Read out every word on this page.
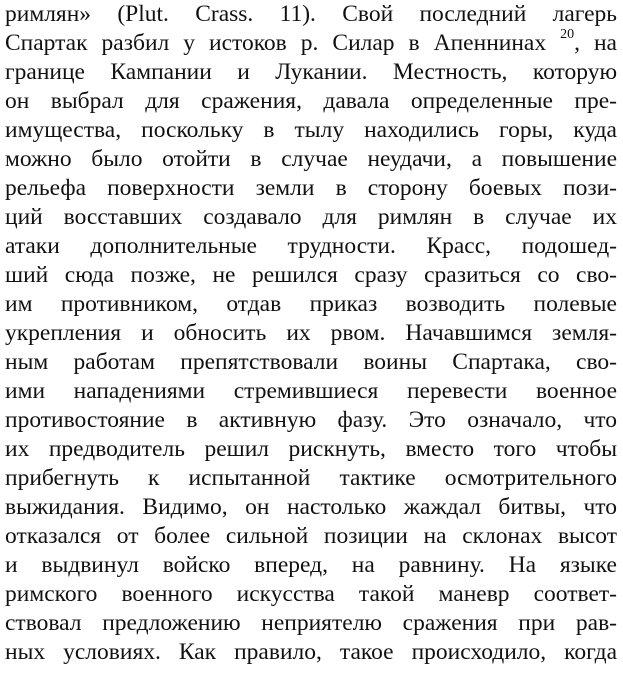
римлян» (Plut. Crass. 11). Свой последний лагерь
Спартак разбил у истоков р. Силар в Апеннинах $^{20}$, на
границе Кампании и Лукании. Местность, которую
он выбрал для сражения, давала определенные пре-
имущества, поскольку в тылу находились горы, куда
можно было отойти в случае неудачи, а повышение
рельефа поверхности земли в сторону боевых пози-
ций восставших создавало для римлян в случае их
атаки дополнительные трудности. Красс, подошед-
ший сюда позже, не решился сразу сразиться со сво-
им противником, отдав приказ возводить полевые
укрепления и обносить их рвом. Начавшимся земля-
ным работам препятствовали воины Спартака, сво-
ими нападениями стремившиеся перевести военное
противостояние в активную фазу. Это означало, что
их предводитель решил рискнуть, вместо того чтобы
прибегнуть к испытанной тактике осмотрительного
выжидания. Видимо, он настолько жаждал битвы, что
отказался от более сильной позиции на склонах высот
и выдвинул войско вперед, на равнину. На языке
римского военного искусства такой маневр соответ-
ствовал предложению неприятелю сражения при рав-
ных условиях. Как правило, такое происходило, когда
